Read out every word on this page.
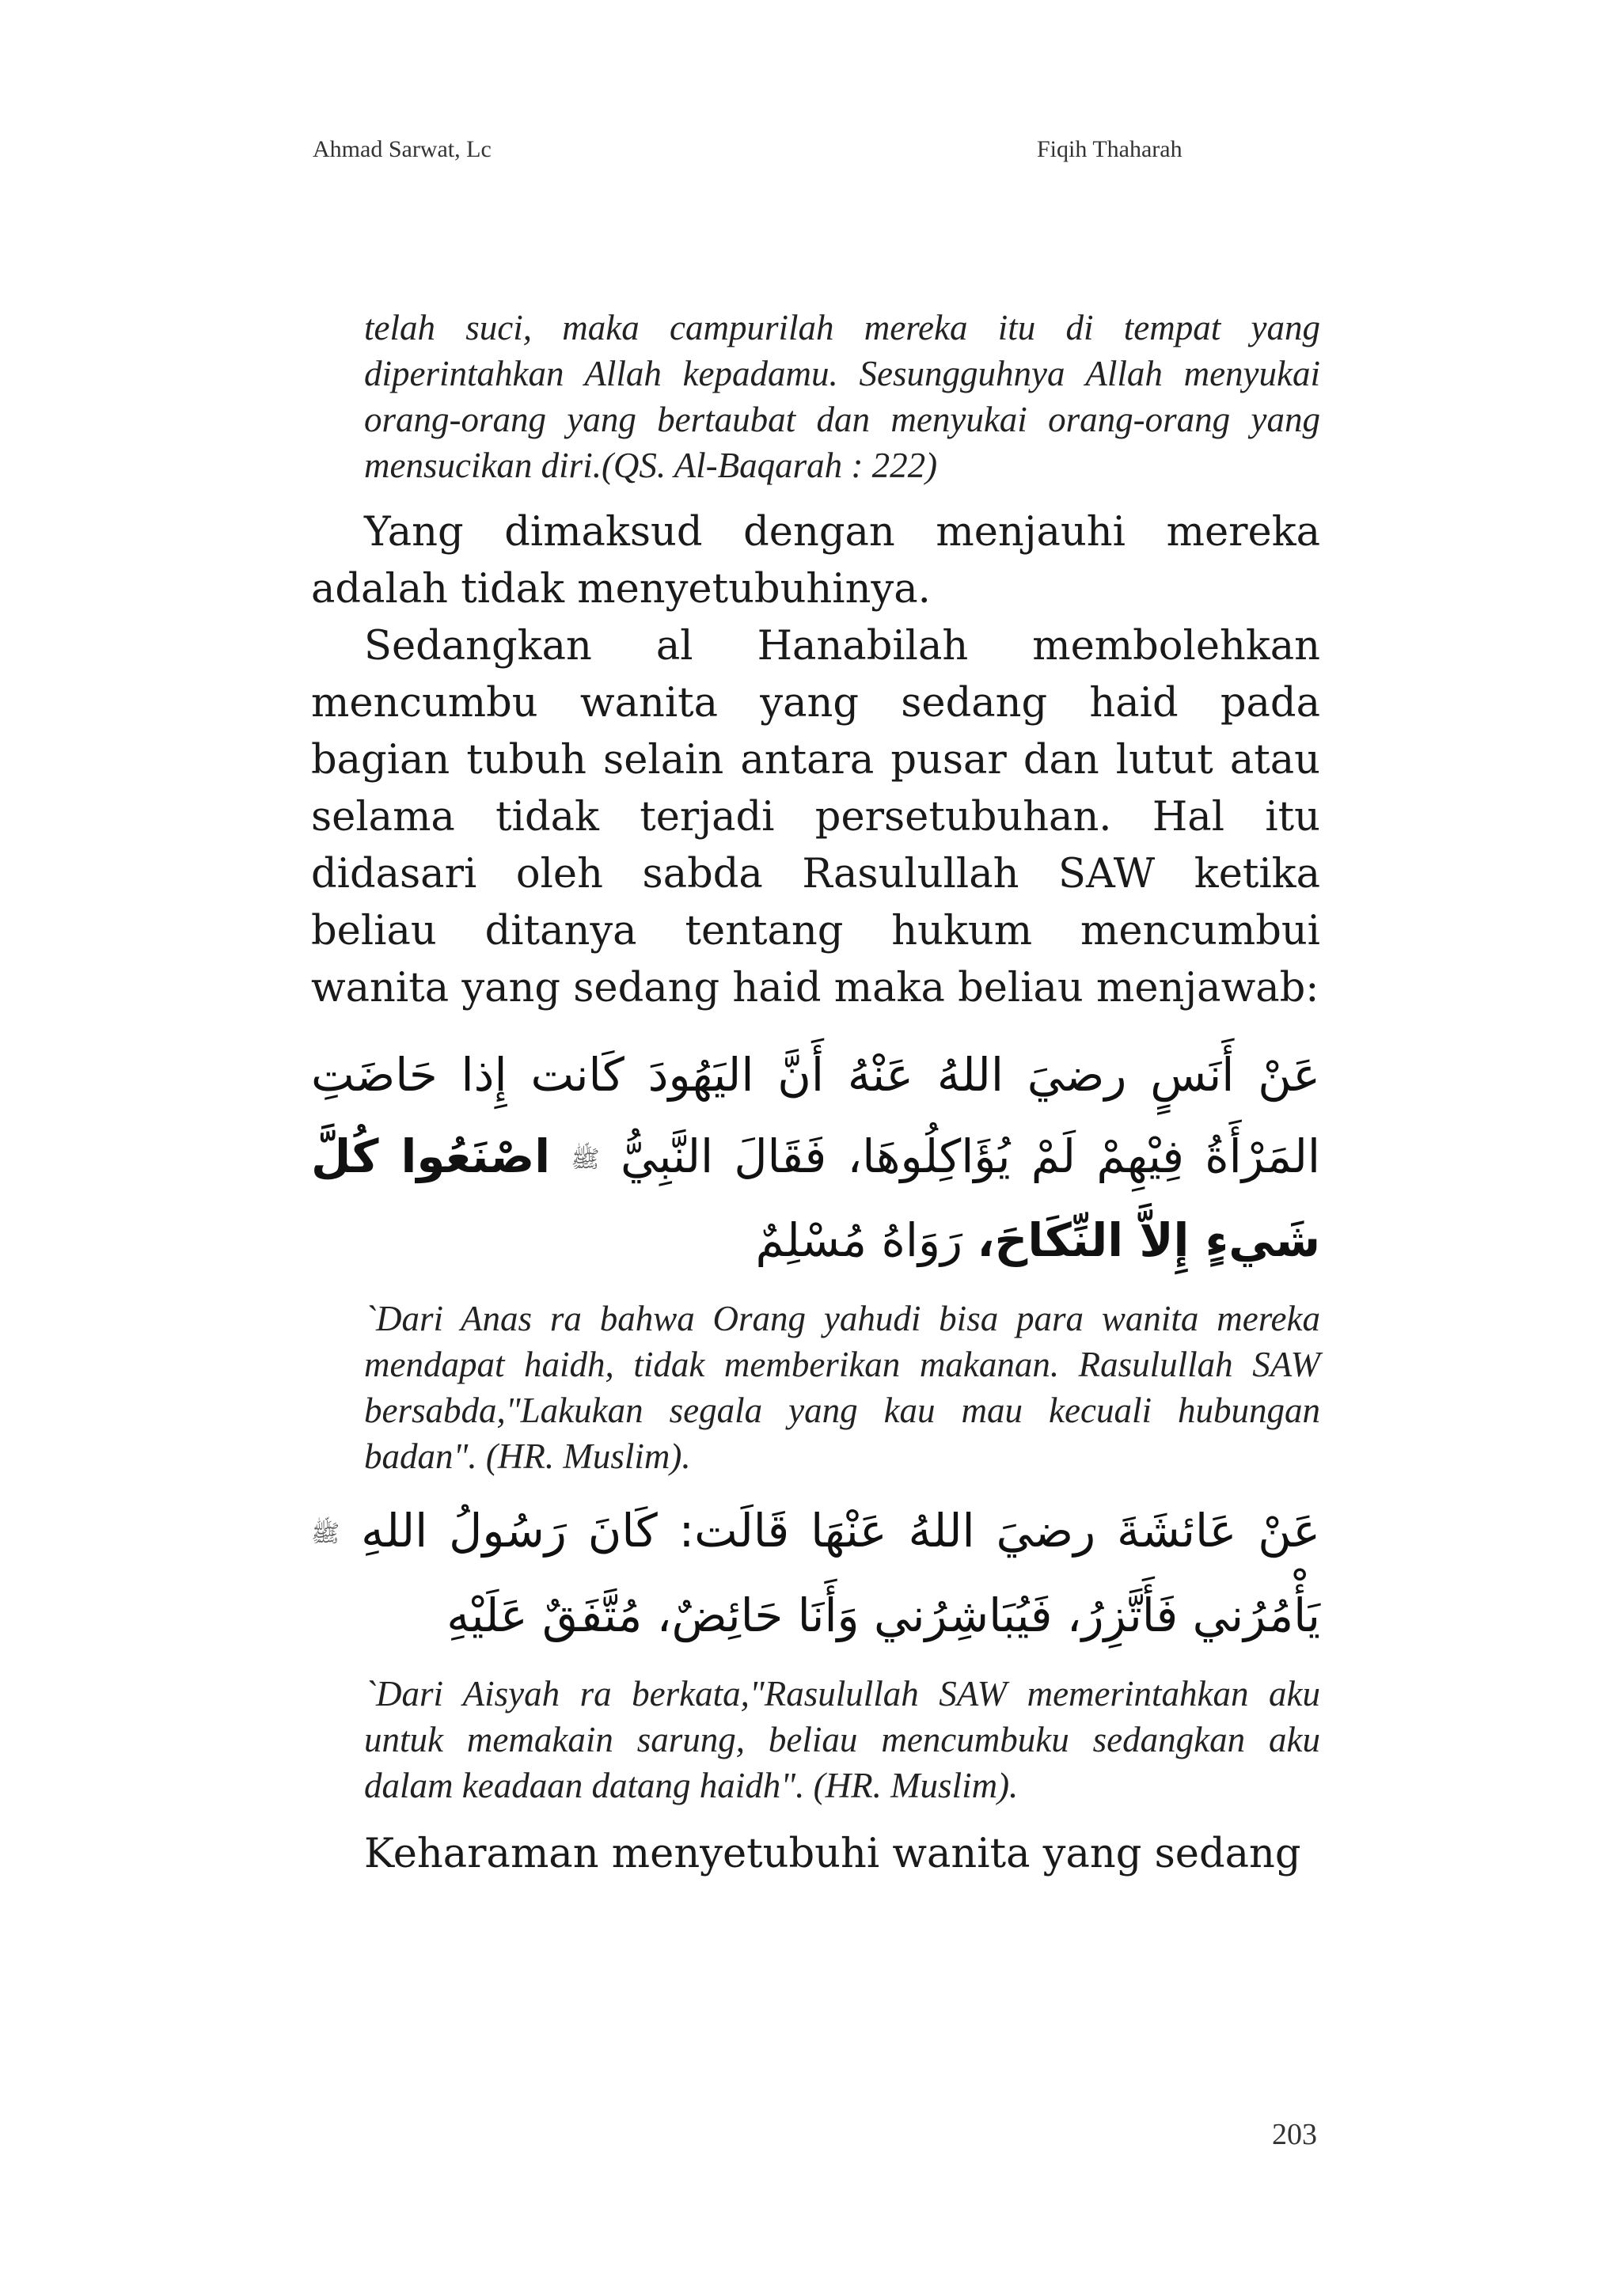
Ahmad Sarwat, Lc	Fiqih Thaharah

telah suci, maka campurilah mereka itu di tempat yang diperintahkan Allah kepadamu. Sesungguhnya Allah menyukai orang-orang yang bertaubat dan menyukai orang-orang yang mensucikan diri.(QS. Al-Baqarah : 222)

Yang dimaksud dengan menjauhi mereka adalah tidak menyetubuhinya.

Sedangkan al Hanabilah membolehkan mencumbu wanita yang sedang haid pada bagian tubuh selain antara pusar dan lutut atau selama tidak terjadi persetubuhan. Hal itu didasari oleh sabda Rasulullah SAW ketika beliau ditanya tentang hukum mencumbui wanita yang sedang haid maka beliau menjawab:

عَنْ أَنَسٍ رضيَ اللهُ عَنْهُ أَنَّ اليَهُودَ كَانت إِذا حَاضَتِ المَرْأَةُ فِيْهِمْ لَمْ يُؤَاكِلُوهَا، فَقَالَ النَّبِيُّ ﷺ اصْنَعُوا كُلَّ شَيءٍ إِلاَّ النِّكَاحَ، رَوَاهُ مُسْلِمٌ

`Dari Anas ra bahwa Orang yahudi bisa para wanita mereka mendapat haidh, tidak memberikan makanan. Rasulullah SAW bersabda,"Lakukan segala yang kau mau kecuali hubungan badan". (HR. Muslim).

عَنْ عَائشَةَ رضيَ اللهُ عَنْهَا قَالَت: كَانَ رَسُولُ اللهِ ﷺ يَأْمُرُني فَأَتَّزِرُ، فَيُبَاشِرُني وَأَنَا حَائِضٌ، مُتَّفَقٌ عَلَيْهِ

`Dari Aisyah ra berkata,"Rasulullah SAW memerintahkan aku untuk memakain sarung, beliau mencumbuku sedangkan aku dalam keadaan datang haidh". (HR. Muslim).

Keharaman menyetubuhi wanita yang sedang

203
